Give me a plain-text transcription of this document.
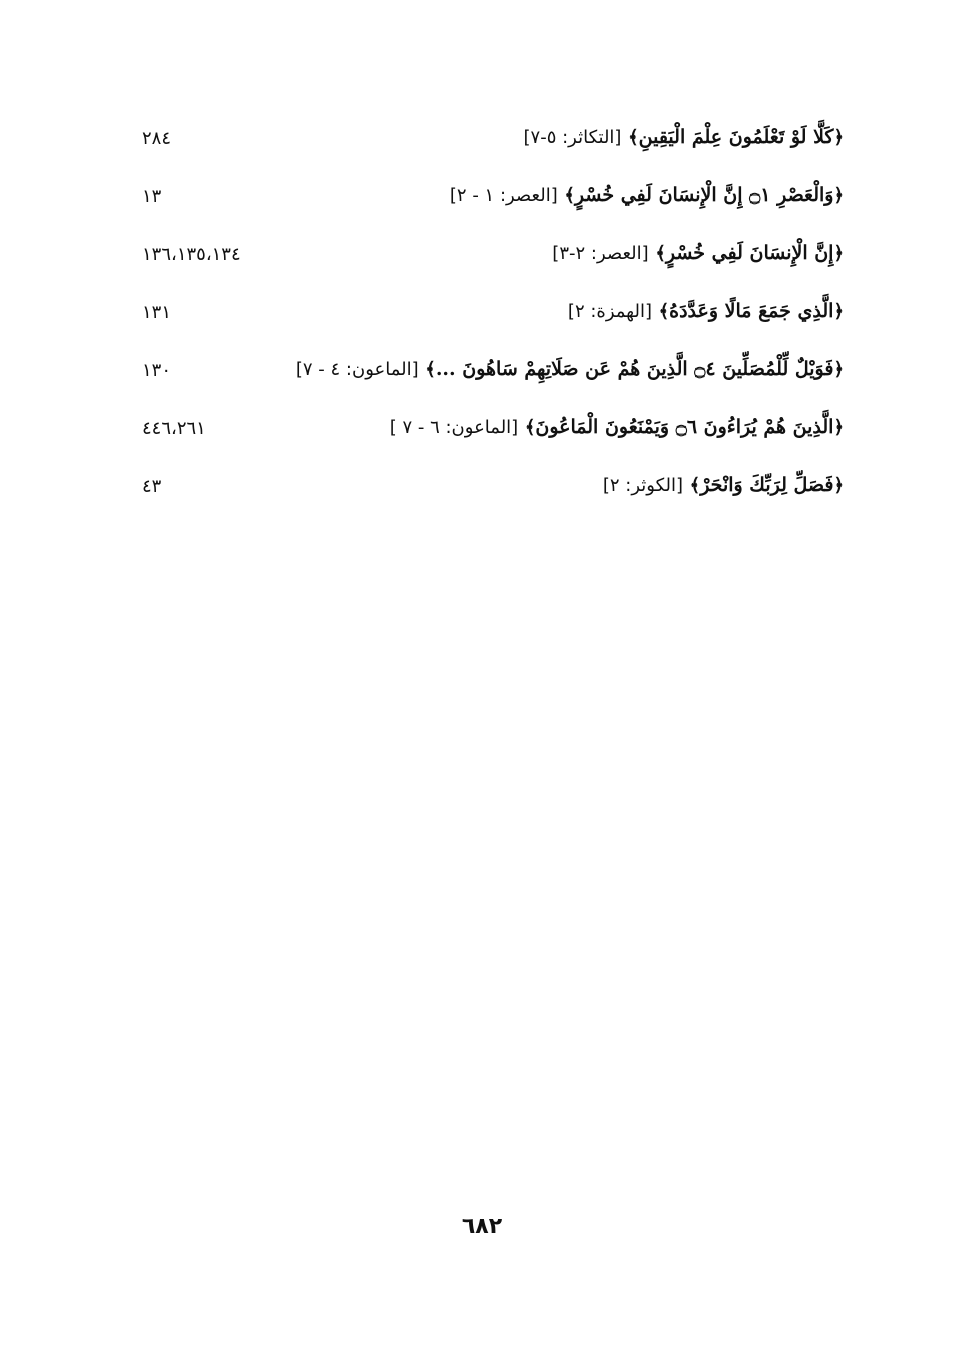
﴿كَلَّا لَوْ تَعْلَمُونَ عِلْمَ الْيَقِينِ﴾ [التكاثر: ٥-٧]
٢٨٤
﴿وَالْعَصْرِ ۝١ إِنَّ الْإِنسَانَ لَفِي خُسْرٍ﴾ [العصر: ١ - ٢]
١٣
﴿إِنَّ الْإِنسَانَ لَفِي خُسْرٍ﴾ [العصر: ٢-٣]
١٣٦،١٣٥،١٣٤
﴿الَّذِي جَمَعَ مَالًا وَعَدَّدَهُ﴾ [الهمزة: ٢]
١٣١
﴿فَوَيْلٌ لِّلْمُصَلِّينَ ۝٤ الَّذِينَ هُمْ عَن صَلَاتِهِمْ سَاهُونَ ...﴾ [الماعون: ٤ - ٧]
١٣٠
﴿الَّذِينَ هُمْ يُرَاءُونَ ۝٦ وَيَمْنَعُونَ الْمَاعُونَ﴾ [الماعون: ٦ - ٧ ]
٤٤٦،٢٦١
﴿فَصَلِّ لِرَبِّكَ وَانْحَرْ﴾ [الكوثر: ٢]
٤٣
٦٨٢
